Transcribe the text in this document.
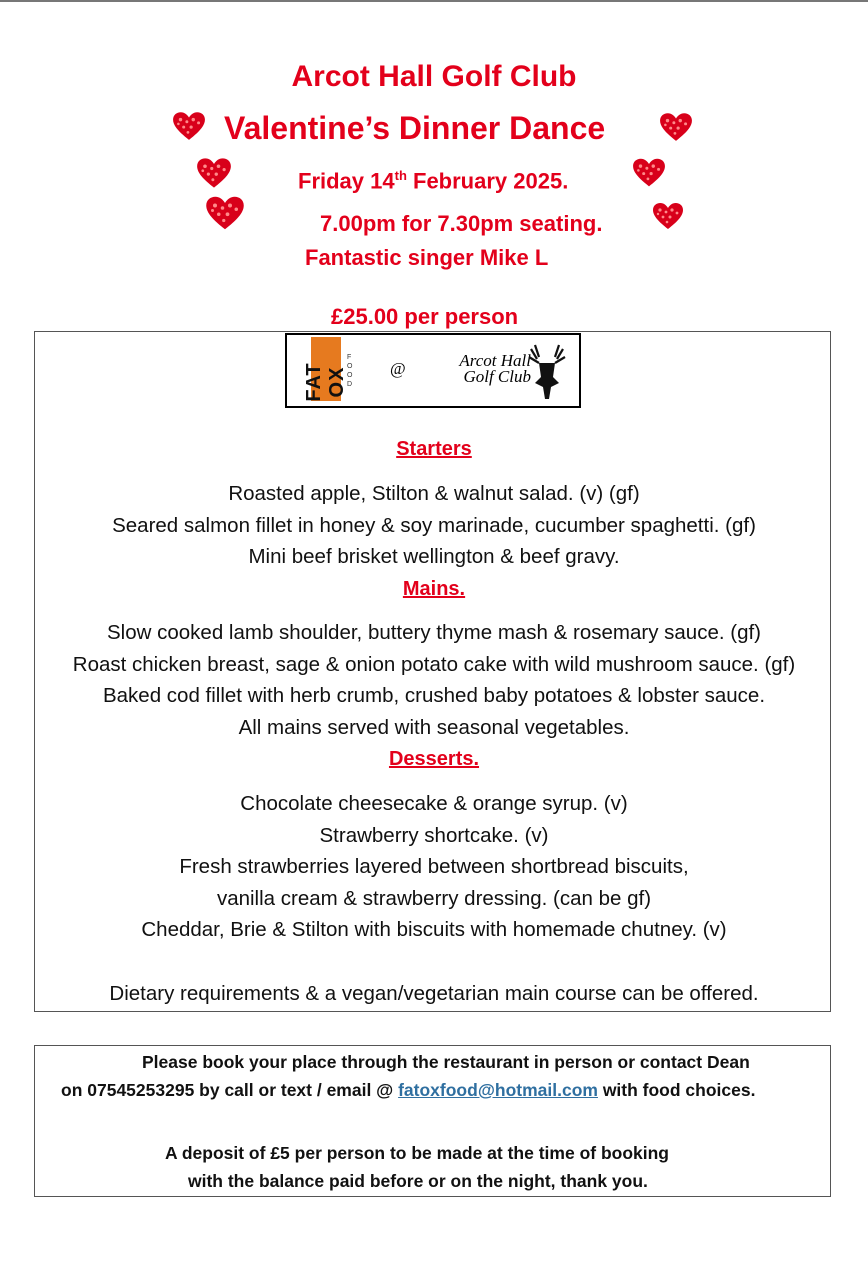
Arcot Hall Golf Club
Valentine’s Dinner Dance
Friday 14th February 2025.
7.00pm for 7.30pm seating.
Fantastic singer Mike L
£25.00 per person
FAT OX
FOOD
@	Arcot Hall
Golf Club
Starters
Roasted apple, Stilton & walnut salad. (v) (gf)
Seared salmon fillet in honey & soy marinade, cucumber spaghetti. (gf)
Mini beef brisket wellington & beef gravy.
Mains.
Slow cooked lamb shoulder, buttery thyme mash & rosemary sauce. (gf)
Roast chicken breast, sage & onion potato cake with wild mushroom sauce. (gf)
Baked cod fillet with herb crumb, crushed baby potatoes & lobster sauce.
All mains served with seasonal vegetables.
Desserts.
Chocolate cheesecake & orange syrup. (v)
Strawberry shortcake. (v)
Fresh strawberries layered between shortbread biscuits,
vanilla cream & strawberry dressing. (can be gf)
Cheddar, Brie & Stilton with biscuits with homemade chutney. (v)
Dietary requirements & a vegan/vegetarian main course can be offered.
Please book your place through the restaurant in person or contact Dean
on 07545253295 by call or text / email @ fatoxfood@hotmail.com with food choices.
A deposit of £5 per person to be made at the time of booking
with the balance paid before or on the night, thank you.
